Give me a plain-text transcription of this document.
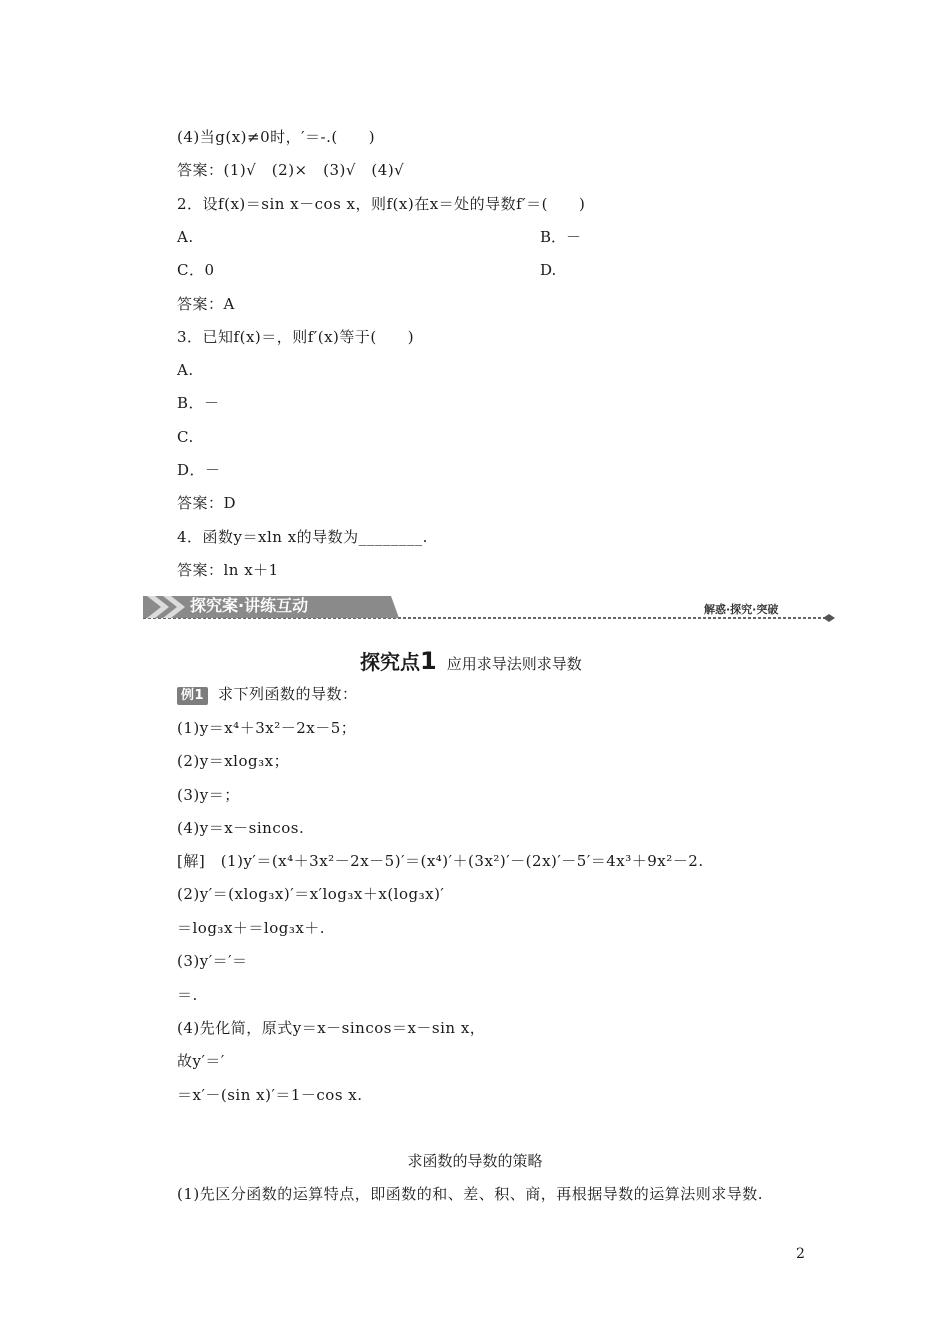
(4)当g(x)≠0时，′＝-.(　　)
答案：(1)√　(2)×　(3)√　(4)√
2．设f(x)＝sin x－cos x，则f(x)在x＝处的导数f′＝(　　)
A.	B．－
C．0	D.
答案：A
3．已知f(x)＝，则f′(x)等于(　　)
A.
B．－
C.
D．－
答案：D
4．函数y＝xln x的导数为________.
答案：ln x＋1
探究案·讲练互动	解惑·探究·突破
探究点1 应用求导法则求导数
例1 求下列函数的导数：
(1)y＝x⁴＋3x²－2x－5；
(2)y＝xlog₃x；
(3)y＝；
(4)y＝x－sincos.
[解]　(1)y′＝(x⁴＋3x²－2x－5)′＝(x⁴)′＋(3x²)′－(2x)′－5′＝4x³＋9x²－2.
(2)y′＝(xlog₃x)′＝x′log₃x＋x(log₃x)′
＝log₃x＋＝log₃x＋.
(3)y′＝′＝
＝.
(4)先化简，原式y＝x－sincos＝x－sin x，
故y′＝′
＝x′－(sin x)′＝1－cos x.
求函数的导数的策略
(1)先区分函数的运算特点，即函数的和、差、积、商，再根据导数的运算法则求导数.
2
